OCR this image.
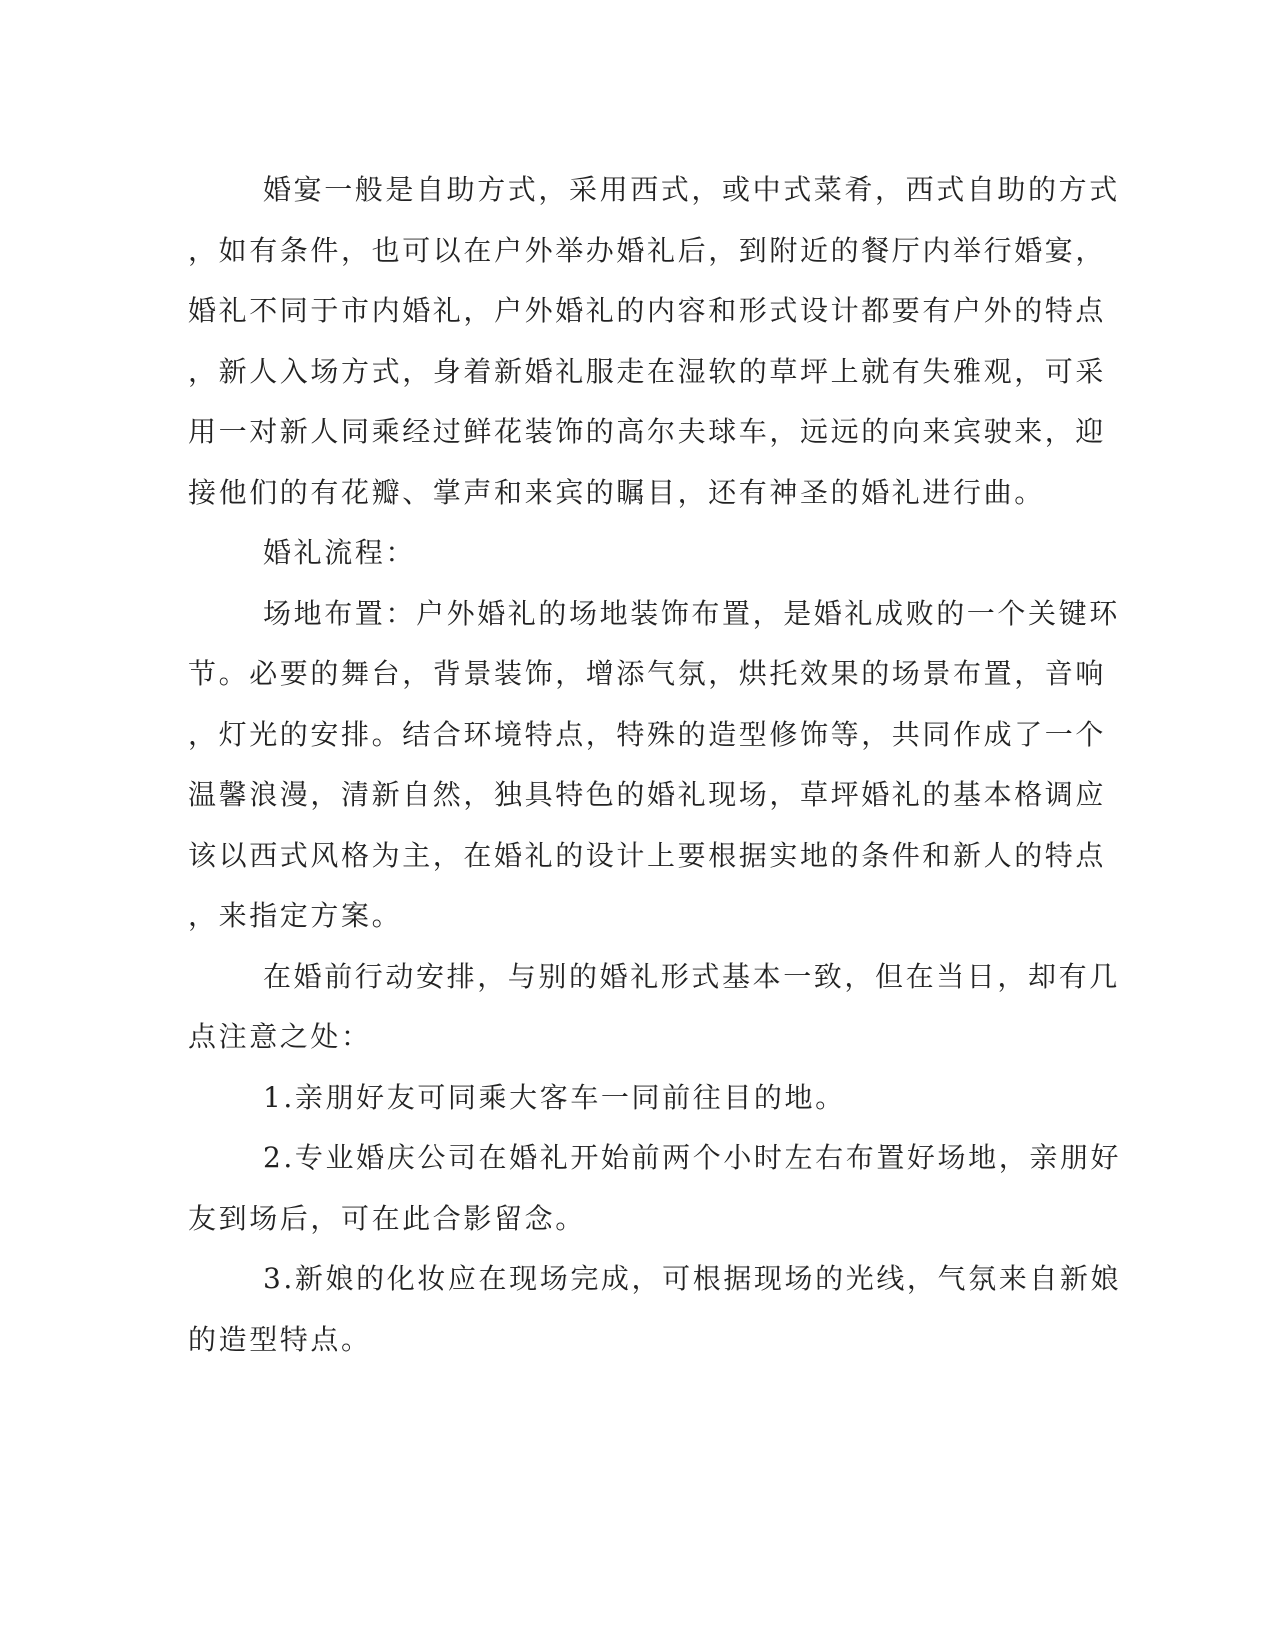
婚宴一般是自助方式，采用西式，或中式菜肴，西式自助的方式
，如有条件，也可以在户外举办婚礼后，到附近的餐厅内举行婚宴，
婚礼不同于市内婚礼，户外婚礼的内容和形式设计都要有户外的特点
，新人入场方式，身着新婚礼服走在湿软的草坪上就有失雅观，可采
用一对新人同乘经过鲜花装饰的高尔夫球车，远远的向来宾驶来，迎
接他们的有花瓣、掌声和来宾的瞩目，还有神圣的婚礼进行曲。
婚礼流程：
场地布置：户外婚礼的场地装饰布置，是婚礼成败的一个关键环
节。必要的舞台，背景装饰，增添气氛，烘托效果的场景布置，音响
，灯光的安排。结合环境特点，特殊的造型修饰等，共同作成了一个
温馨浪漫，清新自然，独具特色的婚礼现场，草坪婚礼的基本格调应
该以西式风格为主，在婚礼的设计上要根据实地的条件和新人的特点
，来指定方案。
在婚前行动安排，与别的婚礼形式基本一致，但在当日，却有几
点注意之处：
1.亲朋好友可同乘大客车一同前往目的地。
2.专业婚庆公司在婚礼开始前两个小时左右布置好场地，亲朋好
友到场后，可在此合影留念。
3.新娘的化妆应在现场完成，可根据现场的光线，气氛来自新娘
的造型特点。
